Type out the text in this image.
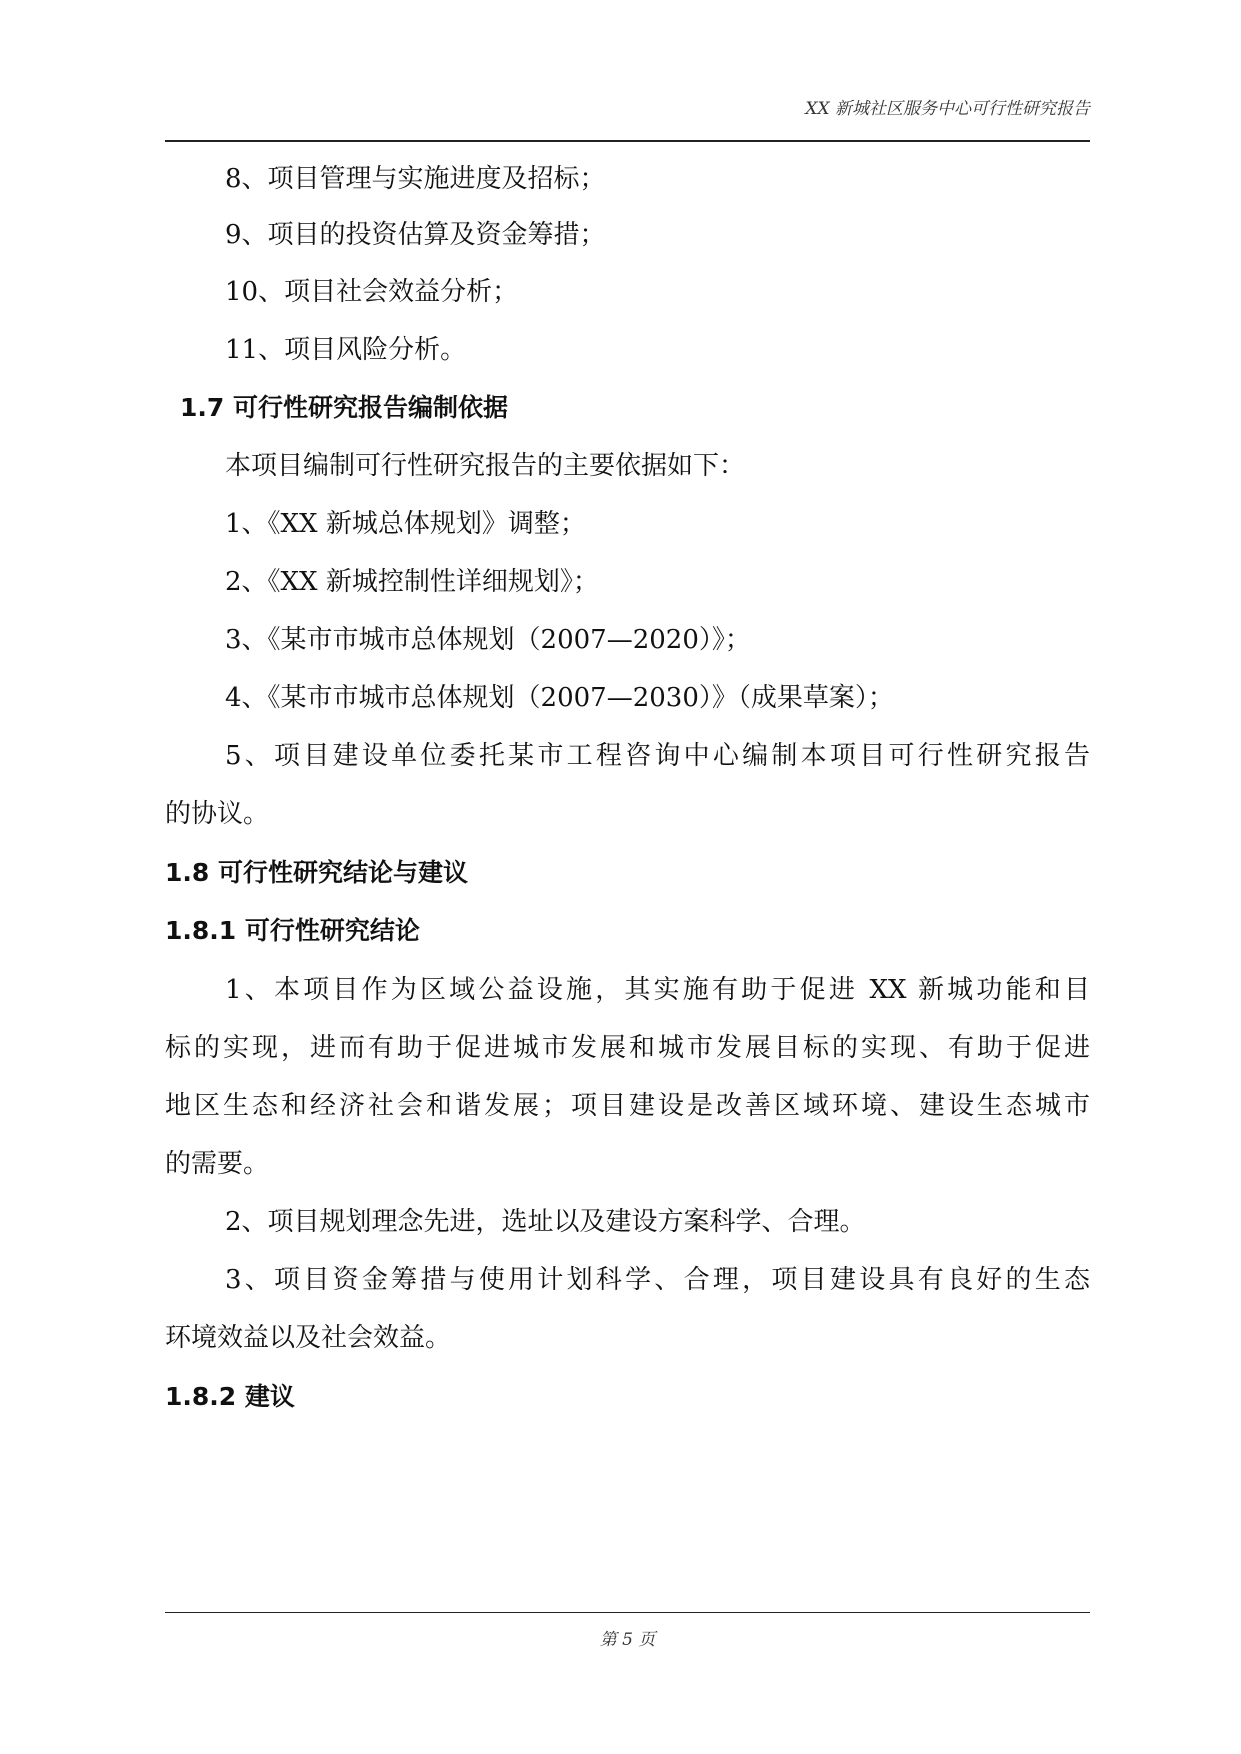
XX 新城社区服务中心可行性研究报告
8、项目管理与实施进度及招标；
9、项目的投资估算及资金筹措；
10、项目社会效益分析；
11、项目风险分析。
1.7 可行性研究报告编制依据
本项目编制可行性研究报告的主要依据如下：
1、《XX 新城总体规划》调整；
2、《XX 新城控制性详细规划》；
3、《某市市城市总体规划（2007—2020）》；
4、《某市市城市总体规划（2007—2030）》（成果草案）；
5、项目建设单位委托某市工程咨询中心编制本项目可行性研究报告
的协议。
1.8 可行性研究结论与建议
1.8.1 可行性研究结论
1、本项目作为区域公益设施，其实施有助于促进 XX 新城功能和目
标的实现，进而有助于促进城市发展和城市发展目标的实现、有助于促进
地区生态和经济社会和谐发展；项目建设是改善区域环境、建设生态城市
的需要。
2、项目规划理念先进，选址以及建设方案科学、合理。
3、项目资金筹措与使用计划科学、合理，项目建设具有良好的生态
环境效益以及社会效益。
1.8.2 建议
第 5 页
